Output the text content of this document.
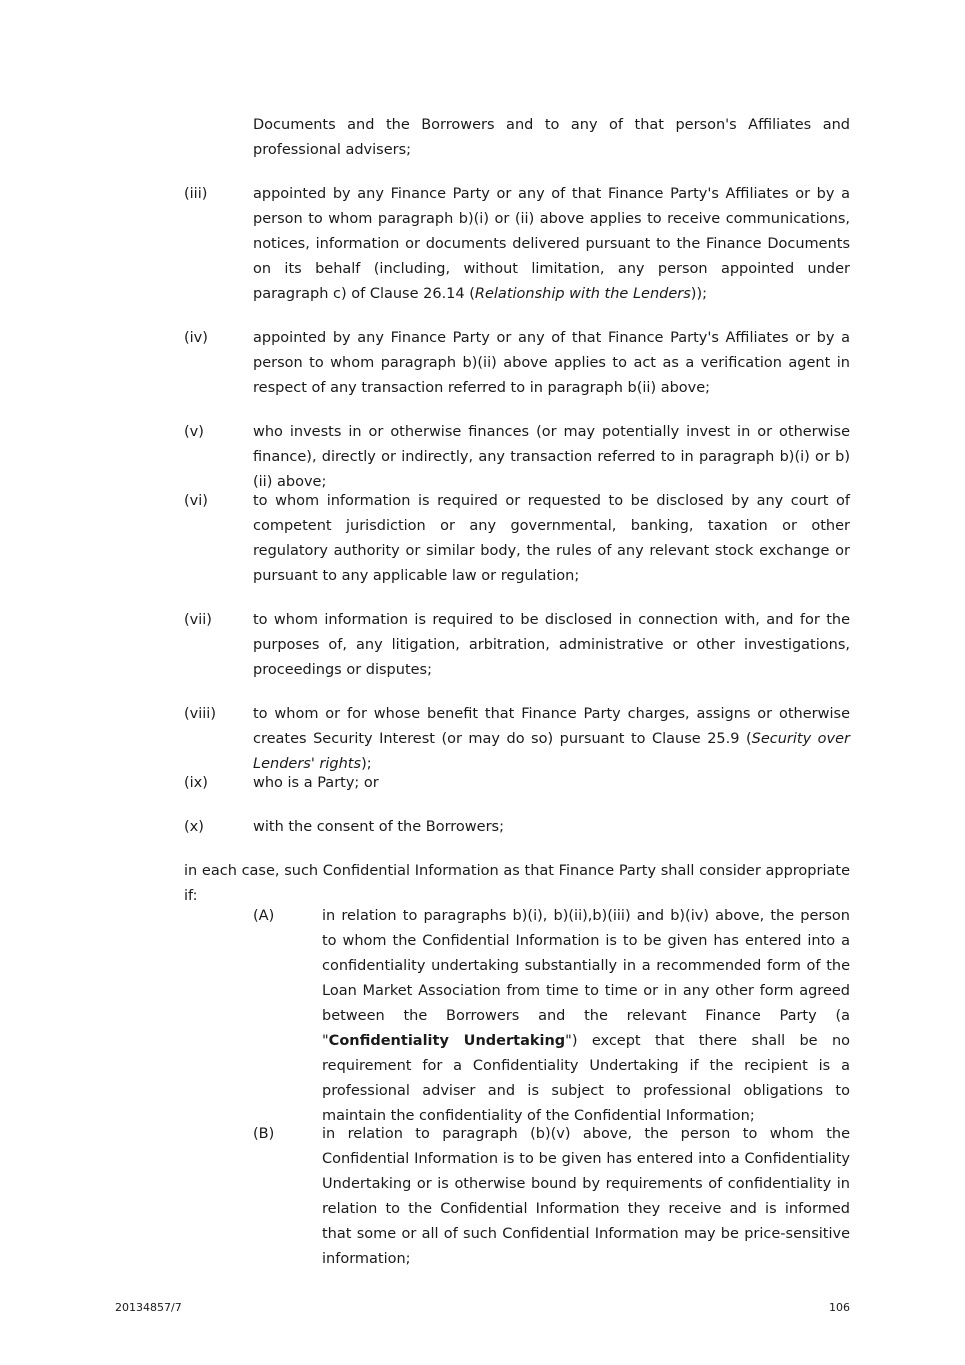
Documents and the Borrowers and to any of that person's Affiliates and professional advisers;
(iii)	appointed by any Finance Party or any of that Finance Party's Affiliates or by a person to whom paragraph b)(i) or (ii) above applies to receive communications, notices, information or documents delivered pursuant to the Finance Documents on its behalf (including, without limitation, any person appointed under paragraph c) of Clause 26.14 (Relationship with the Lenders));
(iv)	appointed by any Finance Party or any of that Finance Party's Affiliates or by a person to whom paragraph b)(ii) above applies to act as a verification agent in respect of any transaction referred to in paragraph b(ii) above;
(v)	who invests in or otherwise finances (or may potentially invest in or otherwise finance), directly or indirectly, any transaction referred to in paragraph b)(i) or b)(ii) above;
(vi)	to whom information is required or requested to be disclosed by any court of competent jurisdiction or any governmental, banking, taxation or other regulatory authority or similar body, the rules of any relevant stock exchange or pursuant to any applicable law or regulation;
(vii)	to whom information is required to be disclosed in connection with, and for the purposes of, any litigation, arbitration, administrative or other investigations, proceedings or disputes;
(viii)	to whom or for whose benefit that Finance Party charges, assigns or otherwise creates Security Interest (or may do so) pursuant to Clause 25.9 (Security over Lenders' rights);
(ix)	who is a Party; or
(x)	with the consent of the Borrowers;
in each case, such Confidential Information as that Finance Party shall consider appropriate if:
(A)	in relation to paragraphs b)(i), b)(ii),b)(iii) and b)(iv) above, the person to whom the Confidential Information is to be given has entered into a confidentiality undertaking substantially in a recommended form of the Loan Market Association from time to time or in any other form agreed between the Borrowers and the relevant Finance Party (a "Confidentiality Undertaking") except that there shall be no requirement for a Confidentiality Undertaking if the recipient is a professional adviser and is subject to professional obligations to maintain the confidentiality of the Confidential Information;
(B)	in relation to paragraph (b)(v) above, the person to whom the Confidential Information is to be given has entered into a Confidentiality Undertaking or is otherwise bound by requirements of confidentiality in relation to the Confidential Information they receive and is informed that some or all of such Confidential Information may be price-sensitive information;
20134857/7	106
